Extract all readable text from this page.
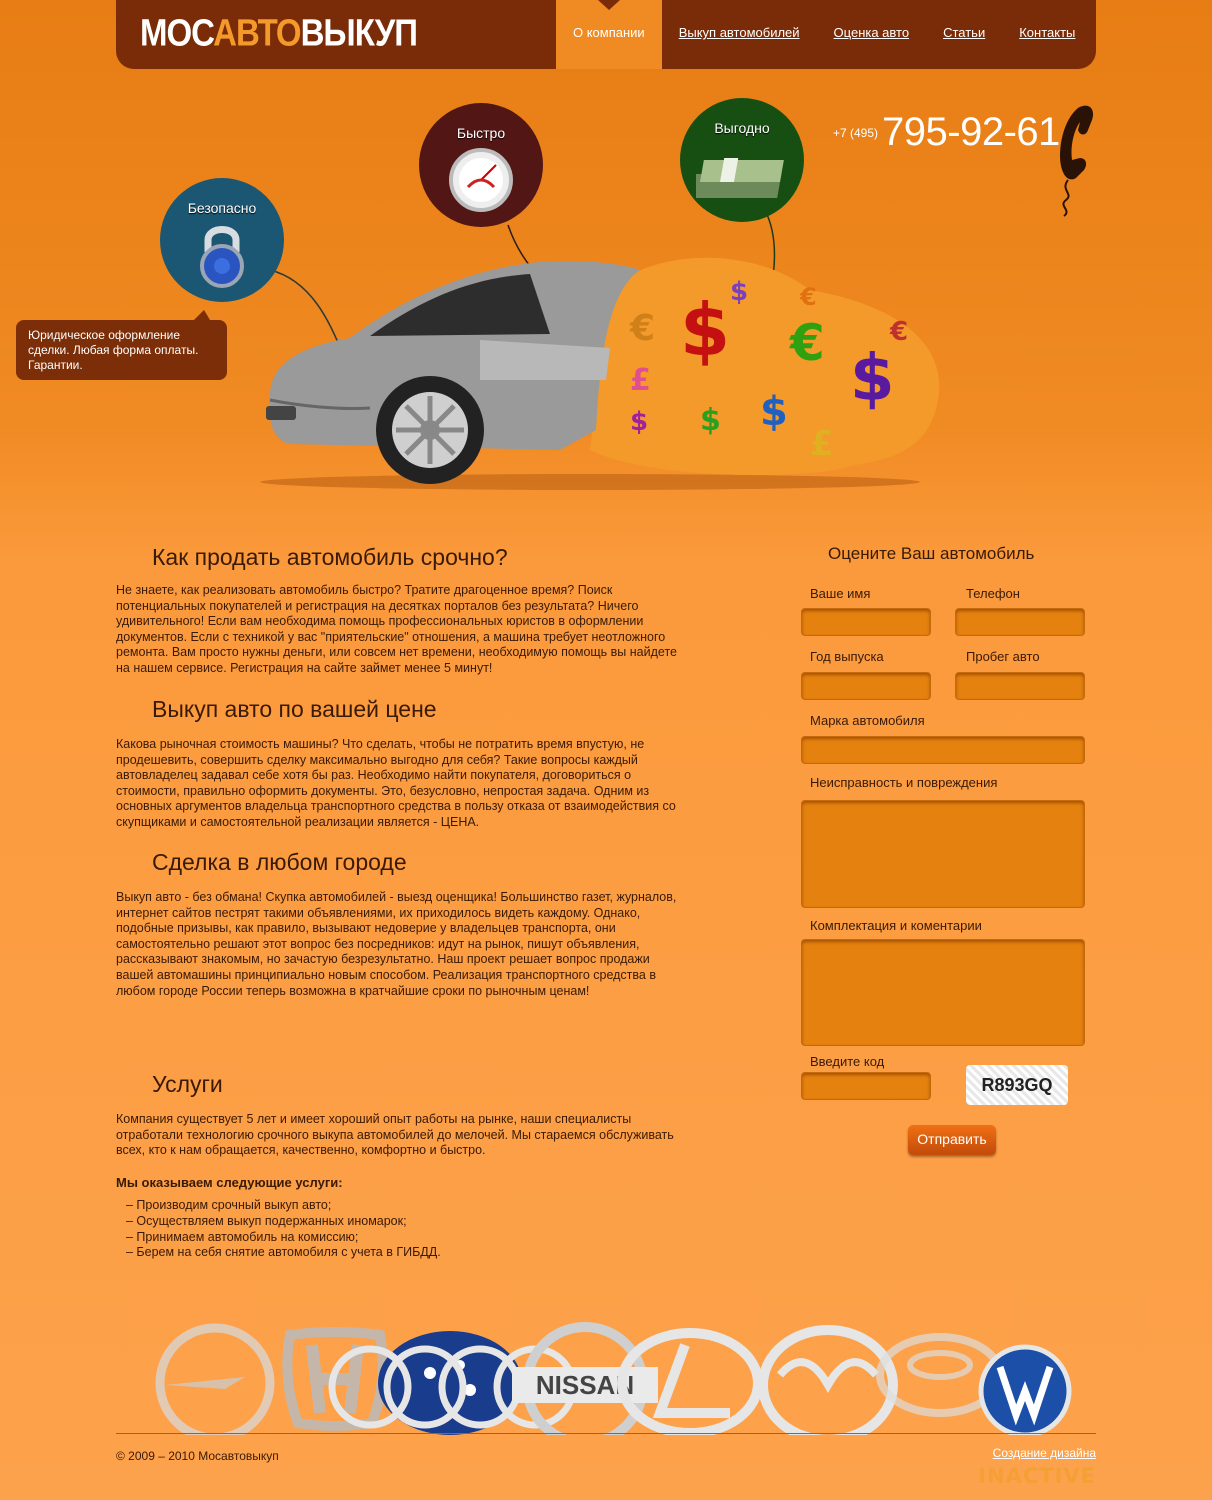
МОСАВТОВЫКУП	О компании	Выкуп автомобилей	Оценка авто	Статьи	Контакты
$^{+7 (495)}$ 795-92-61
Безопасно
Быстро	Выгодно
Юридическое оформление сделки. Любая форма оплаты. Гарантии.	$
$
€
$
€
£
$
£
$
€
$
€
Как продать автомобиль срочно?

Не знаете, как реализовать автомобиль быстро? Тратите драгоценное время? Поиск потенциальных покупателей и регистрация на десятках порталов без результата? Ничего удивительного! Если вам необходима помощь профессиональных юристов в оформлении документов. Если с техникой у вас "приятельские" отношения, а машина требует неотложного ремонта. Вам просто нужны деньги, или совсем нет времени, необходимую помощь вы найдете на нашем сервисе. Регистрация на сайте займет менее 5 минут!

Выкуп авто по вашей цене

Какова рыночная стоимость машины? Что сделать, чтобы не потратить время впустую, не продешевить, совершить сделку максимально выгодно для себя? Такие вопросы каждый автовладелец задавал себе хотя бы раз. Необходимо найти покупателя, договориться о стоимости, правильно оформить документы. Это, безусловно, непростая задача. Одним из основных аргументов владельца транспортного средства в пользу отказа от взаимодействия со скупщиками и самостоятельной реализации является - ЦЕНА.

Сделка в любом городе

Выкуп авто - без обмана! Скупка автомобилей - выезд оценщика! Большинство газет, журналов, интернет сайтов пестрят такими объявлениями, их приходилось видеть каждому. Однако, подобные призывы, как правило, вызывают недоверие у владельцев транспорта, они самостоятельно решают этот вопрос без посредников: идут на рынок, пишут объявления, рассказывают знакомым, но зачастую безрезультатно. Наш проект решает вопрос продажи вашей автомашины принципиально новым способом. Реализация транспортного средства в любом городе России теперь возможна в кратчайшие сроки по рыночным ценам!

Услуги

Компания существует 5 лет и имеет хороший опыт работы на рынке, наши специалисты отработали технологию срочного выкупа автомобилей до мелочей. Мы стараемся обслуживать всех, кто к нам обращается, качественно, комфортно и быстро.

Мы оказываем следующие услуги:
– Производим срочный выкуп авто;
– Осуществляем выкуп подержанных иномарок;
– Принимаем автомобиль на комиссию;
– Берем на себя снятие автомобиля с учета в ГИБДД.
Оцените Ваш автомобиль
Ваше имя	Телефон
Год выпуска	Пробег авто
Марка автомобиля
Неисправность и повреждения
Комплектация и коментарии
Введите код
R893GQ
Отправить
NISSAN
© 2009 – 2010 Мосавтовыкуп	Создание дизайна
INACTIVE
